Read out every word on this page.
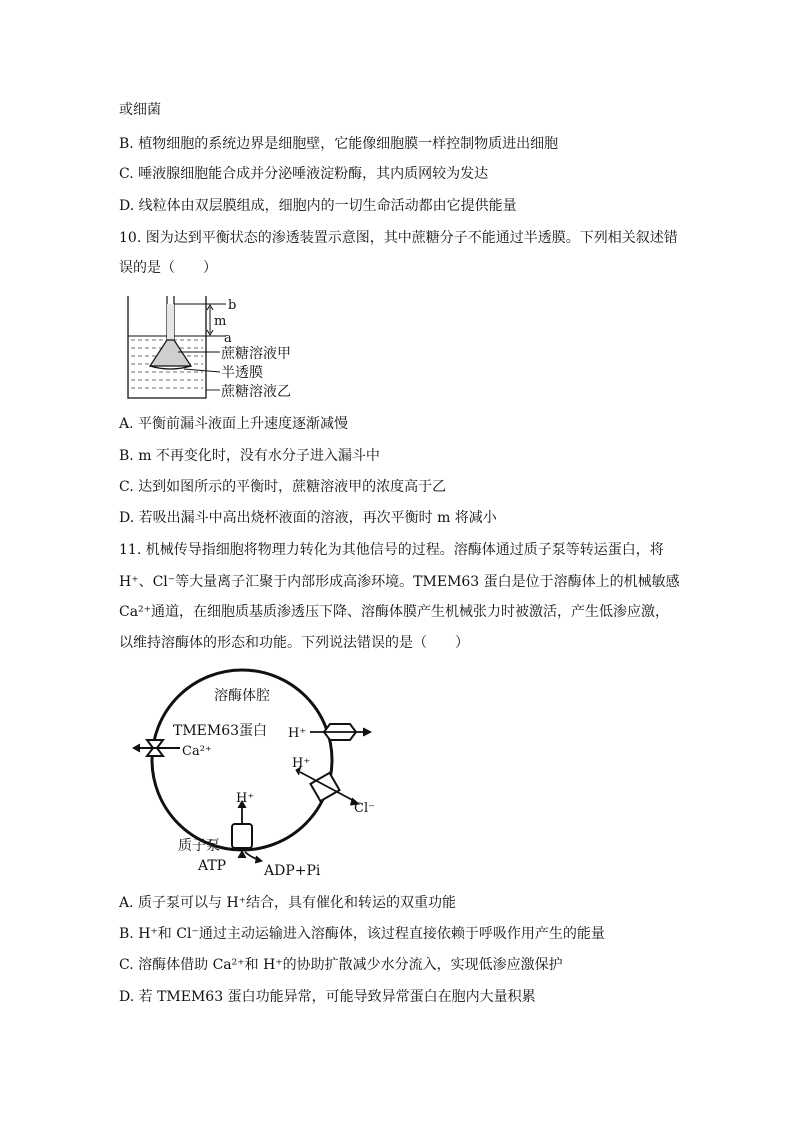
或细菌
B. 植物细胞的系统边界是细胞壁，它能像细胞膜一样控制物质进出细胞
C. 唾液腺细胞能合成并分泌唾液淀粉酶，其内质网较为发达
D. 线粒体由双层膜组成，细胞内的一切生命活动都由它提供能量
10. 图为达到平衡状态的渗透装置示意图，其中蔗糖分子不能通过半透膜。下列相关叙述错
误的是（　　）
b
m
a
蔗糖溶液甲
半透膜
蔗糖溶液乙
A. 平衡前漏斗液面上升速度逐渐减慢
B. m 不再变化时，没有水分子进入漏斗中
C. 达到如图所示的平衡时，蔗糖溶液甲的浓度高于乙
D. 若吸出漏斗中高出烧杯液面的溶液，再次平衡时 m 将减小
11. 机械传导指细胞将物理力转化为其他信号的过程。溶酶体通过质子泵等转运蛋白，将
H⁺、Cl⁻等大量离子汇聚于内部形成高渗环境。TMEM63 蛋白是位于溶酶体上的机械敏感
Ca²⁺通道，在细胞质基质渗透压下降、溶酶体膜产生机械张力时被激活，产生低渗应激，
以维持溶酶体的形态和功能。下列说法错误的是（　　）
溶酶体腔
TMEM63蛋白
Ca²⁺
H⁺
H⁺
Cl⁻
H⁺
质子泵
ATP	ADP+Pi
A. 质子泵可以与 H⁺结合，具有催化和转运的双重功能
B. H⁺和 Cl⁻通过主动运输进入溶酶体，该过程直接依赖于呼吸作用产生的能量
C. 溶酶体借助 Ca²⁺和 H⁺的协助扩散减少水分流入，实现低渗应激保护
D. 若 TMEM63 蛋白功能异常，可能导致异常蛋白在胞内大量积累
